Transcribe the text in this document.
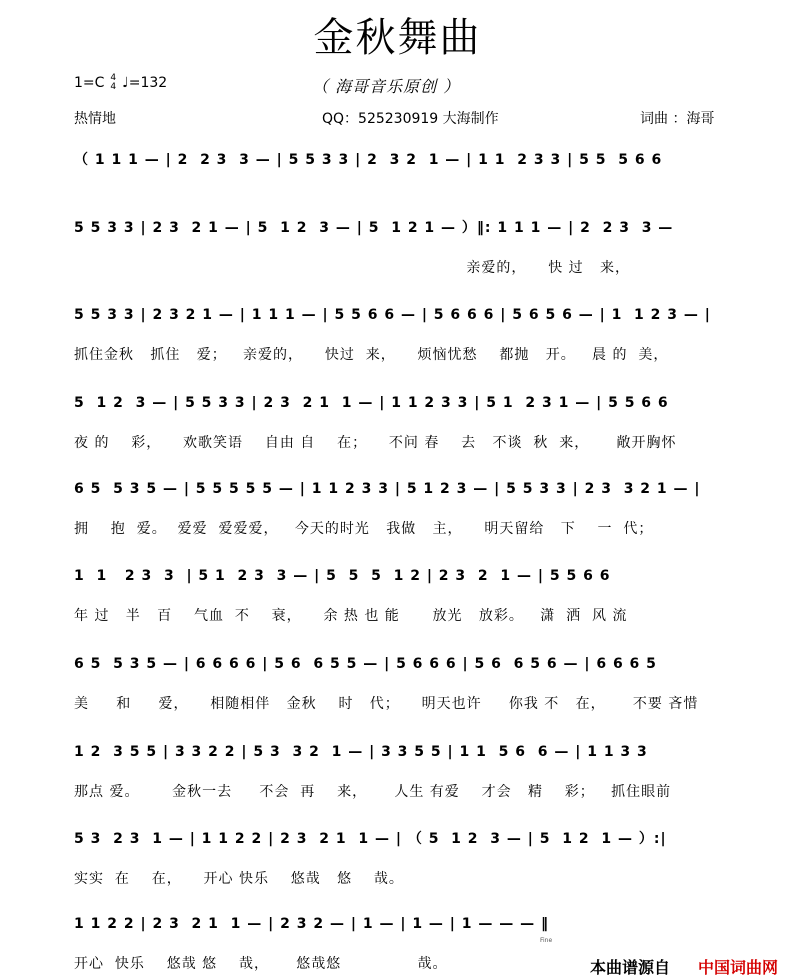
金秋舞曲
1=C 4
4 ♩=132	（ 海哥音乐原创 ）
热情地	QQ：525230919 大海制作	词曲 ：海哥
（ 1 1 1 — | 2  2 3  3 — | 5 5 3 3 | 2  3 2  1 — | 1 1  2 3 3 | 5 5  5 6 6
5 5 3 3 | 2 3  2 1 — | 5  1 2  3 — | 5  1 2 1 — ）‖: 1 1 1 — | 2  2 3  3 —
亲爱的，    快 过   来，
5 5 3 3 | 2 3 2 1 — | 1 1 1 — | 5 5 6 6 — | 5 6 6 6 | 5 6 5 6 — | 1  1 2 3 — |
抓住金秋   抓住   爱；   亲爱的，    快过  来，    烦恼忧愁    都抛   开。   晨 的  美，
5  1 2  3 — | 5 5 3 3 | 2 3  2 1  1 — | 1 1 2 3 3 | 5 1  2 3 1 — | 5 5 6 6
夜 的    彩，    欢歌笑语    自由 自    在；    不问 春    去   不谈  秋  来，     敞开胸怀
6 5  5 3 5 — | 5 5 5 5 5 — | 1 1 2 3 3 | 5 1 2 3 — | 5 5 3 3 | 2 3  3 2 1 — |
拥    抱  爱。  爱爱  爱爱爱，   今天的时光   我做   主，    明天留给   下    一  代；
1  1   2 3  3  | 5 1  2 3  3 — | 5  5  5  1 2 | 2 3  2  1 — | 5 5 6 6
年 过   半   百    气血  不    衰，    余 热 也 能      放光   放彩。   潇  洒  风 流
6 5  5 3 5 — | 6 6 6 6 | 5 6  6 5 5 — | 5 6 6 6 | 5 6  6 5 6 — | 6 6 6 5
美     和     爱，    相随相伴   金秋    时   代；    明天也许     你我 不   在，     不要 吝惜
1 2  3 5 5 | 3 3 2 2 | 5 3  3 2  1 — | 3 3 5 5 | 1 1  5 6  6 — | 1 1 3 3
那点 爱。      金秋一去     不会  再    来，     人生 有爱    才会   精    彩；   抓住眼前
5 3  2 3  1 — | 1 1 2 2 | 2 3  2 1  1 — | （ 5  1 2  3 — | 5  1 2  1 — ）:|
实实  在    在，    开心 快乐    悠哉   悠    哉。
1 1 2 2 | 2 3  2 1  1 — | 2 3 2 — | 1 — | 1 — | 1 — — — ‖
开心  快乐    悠哉 悠    哉，     悠哉悠              哉。
Fine
本曲谱源自 中国词曲网
